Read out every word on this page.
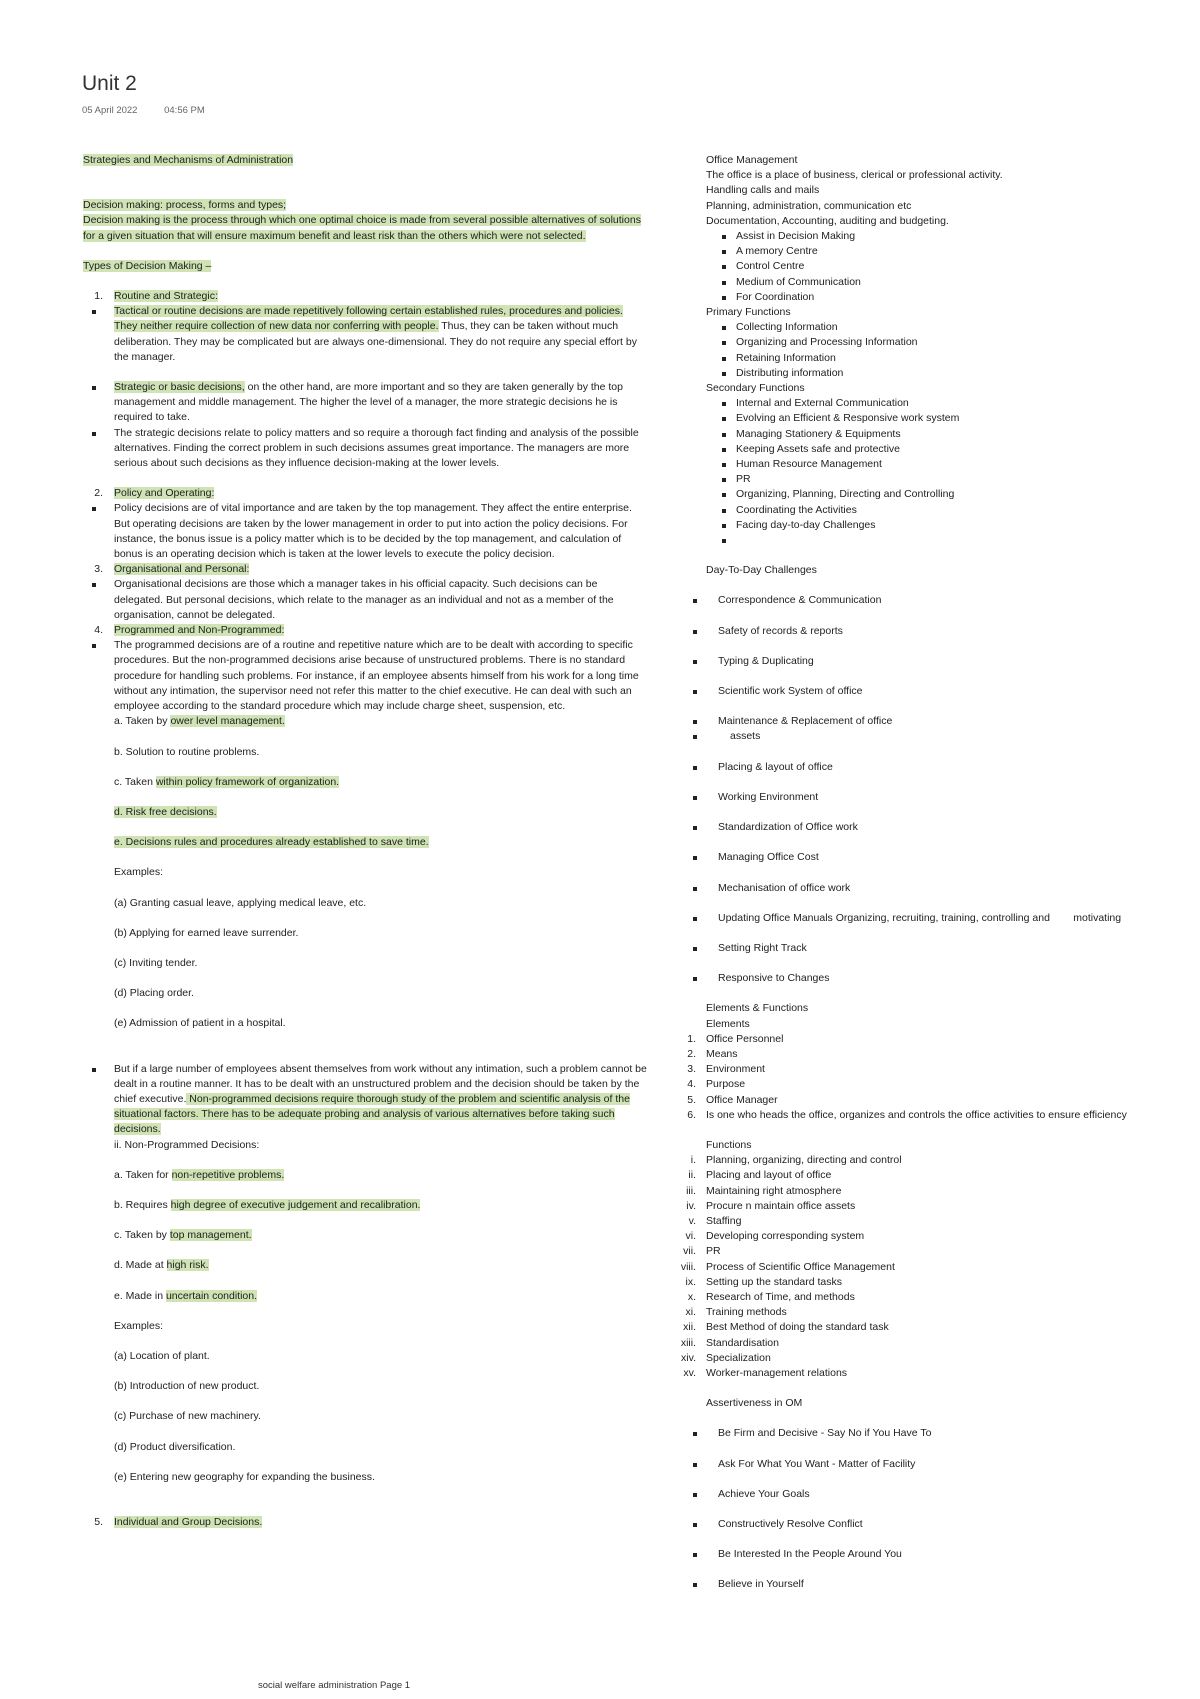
Unit 2
05 April 2022	04:56 PM
Strategies and Mechanisms of Administration
Decision making: process, forms and types;
Decision making is the process through which one optimal choice is made from several possible alternatives of solutions for a given situation that will ensure maximum benefit and least risk than the others which were not selected.
Types of Decision Making –
1. Routine and Strategic:
Tactical or routine decisions are made repetitively following certain established rules, procedures and policies. They neither require collection of new data nor conferring with people. Thus, they can be taken without much deliberation. They may be complicated but are always one-dimensional. They do not require any special effort by the manager.
Strategic or basic decisions, on the other hand, are more important and so they are taken generally by the top management and middle management. The higher the level of a manager, the more strategic decisions he is required to take.
The strategic decisions relate to policy matters and so require a thorough fact finding and analysis of the possible alternatives. Finding the correct problem in such decisions assumes great importance. The managers are more serious about such decisions as they influence decision-making at the lower levels.
2. Policy and Operating:
Policy decisions are of vital importance and are taken by the top management. They affect the entire enterprise. But operating decisions are taken by the lower management in order to put into action the policy decisions. For instance, the bonus issue is a policy matter which is to be decided by the top management, and calculation of bonus is an operating decision which is taken at the lower levels to execute the policy decision.
3. Organisational and Personal:
Organisational decisions are those which a manager takes in his official capacity. Such decisions can be delegated. But personal decisions, which relate to the manager as an individual and not as a member of the organisation, cannot be delegated.
4. Programmed and Non-Programmed:
The programmed decisions are of a routine and repetitive nature which are to be dealt with according to specific procedures. But the non-programmed decisions arise because of unstructured problems. There is no standard procedure for handling such problems. For instance, if an employee absents himself from his work for a long time without any intimation, the supervisor need not refer this matter to the chief executive. He can deal with such an employee according to the standard procedure which may include charge sheet, suspension, etc.
a. Taken by ower level management.
b. Solution to routine problems.
c. Taken within policy framework of organization.
d. Risk free decisions.
e. Decisions rules and procedures already established to save time.
Examples:
(a) Granting casual leave, applying medical leave, etc.
(b) Applying for earned leave surrender.
(c) Inviting tender.
(d) Placing order.
(e) Admission of patient in a hospital.
But if a large number of employees absent themselves from work without any intimation, such a problem cannot be dealt in a routine manner. It has to be dealt with an unstructured problem and the decision should be taken by the chief executive. Non-programmed decisions require thorough study of the problem and scientific analysis of the situational factors. There has to be adequate probing and analysis of various alternatives before taking such decisions.
ii. Non-Programmed Decisions:
a. Taken for non-repetitive problems.
b. Requires high degree of executive judgement and recalibration.
c. Taken by top management.
d. Made at high risk.
e. Made in uncertain condition.
Examples:
(a) Location of plant.
(b) Introduction of new product.
(c) Purchase of new machinery.
(d) Product diversification.
(e) Entering new geography for expanding the business.
5. Individual and Group Decisions.
Office Management
The office is a place of business, clerical or professional activity.
Handling calls and mails
Planning, administration, communication etc
Documentation, Accounting, auditing and budgeting.
Assist in Decision Making
A memory Centre
Control Centre
Medium of Communication
For Coordination
Primary Functions
Collecting Information
Organizing and Processing Information
Retaining Information
Distributing information
Secondary Functions
Internal and External Communication
Evolving an Efficient & Responsive work system
Managing Stationery & Equipments
Keeping Assets safe and protective
Human Resource Management
PR
Organizing, Planning, Directing and Controlling
Coordinating the Activities
Facing day-to-day Challenges
Day-To-Day Challenges
Correspondence & Communication
Safety of records & reports
Typing & Duplicating
Scientific work System of office
Maintenance & Replacement of office
assets
Placing & layout of office
Working Environment
Standardization of Office work
Managing Office Cost
Mechanisation of office work
Updating Office Manuals Organizing, recruiting, training, controlling and        motivating
Setting Right Track
Responsive to Changes
Elements & Functions
Elements
1. Office Personnel
2. Means
3. Environment
4. Purpose
5. Office Manager
6. Is one who heads the office, organizes and controls the office activities to ensure efficiency
Functions
i. Planning, organizing, directing and control
ii. Placing and layout of office
iii. Maintaining right atmosphere
iv. Procure n maintain office assets
v. Staffing
vi. Developing corresponding system
vii. PR
viii. Process of Scientific Office Management
ix. Setting up the standard tasks
x. Research of Time, and methods
xi. Training methods
xii. Best Method of doing the standard task
xiii. Standardisation
xiv. Specialization
xv. Worker-management relations
Assertiveness in OM
Be Firm and Decisive - Say No if You Have To
Ask For What You Want - Matter of Facility
Achieve Your Goals
Constructively Resolve Conflict
Be Interested In the People Around You
Believe in Yourself
social welfare administration Page 1
